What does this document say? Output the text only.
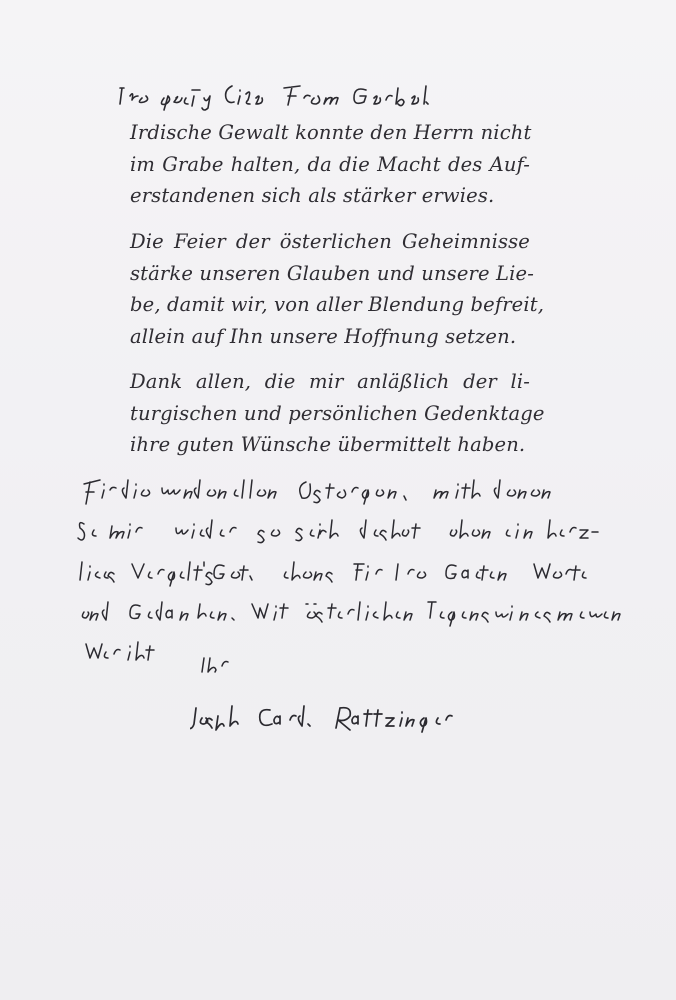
Irdische Gewalt konnte den Herrn nicht
im Grabe halten, da die Macht des Auf-
erstandenen sich als stärker erwies.

Die Feier der österlichen Geheimnisse
stärke unseren Glauben und unsere Lie-
be, damit wir, von aller Blendung befreit,
allein auf Ihn unsere Hoffnung setzen.

Dank allen, die mir anläßlich der li-
turgischen und persönlichen Gedenktage
ihre guten Wünsche übermittelt haben.
